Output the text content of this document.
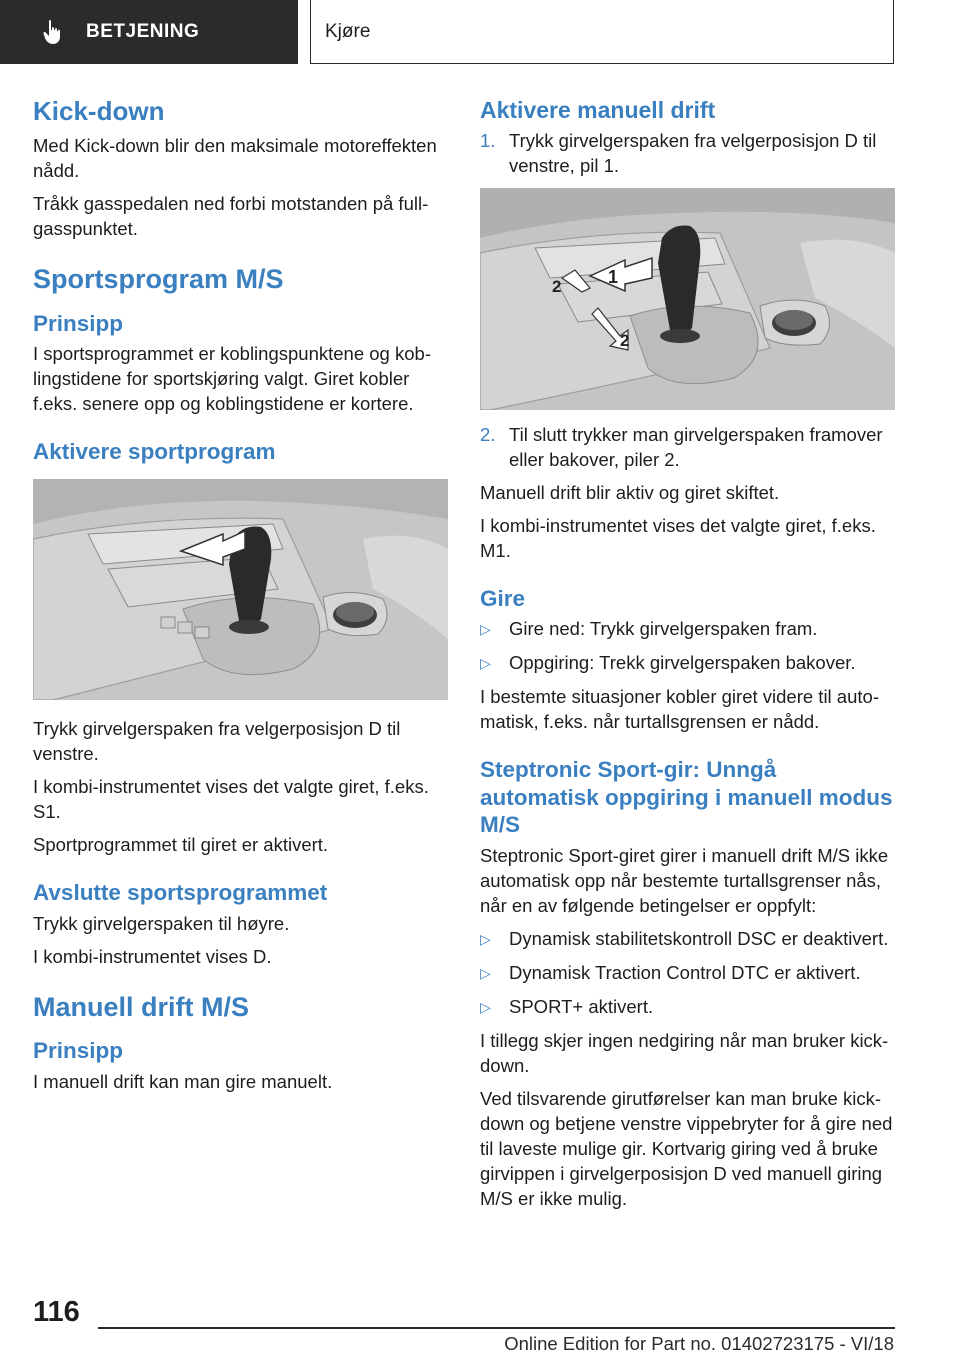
BETJENING	Kjøre
Kick-down

Med Kick-down blir den maksimale motoreffekten nådd.

Tråkk gasspedalen ned forbi motstanden på fullgasspunktet.

Sportsprogram M/S
Prinsipp

I sportsprogrammet er koblingspunktene og koblingstidene for sportskjøring valgt. Giret kobler f.eks. senere opp og koblingstidene er kortere.

Aktivere sportprogram

Trykk girvelgerspaken fra velgerposisjon D til venstre.

I kombi-instrumentet vises det valgte giret, f.eks. S1.

Sportprogrammet til giret er aktivert.

Avslutte sportsprogrammet

Trykk girvelgerspaken til høyre.

I kombi-instrumentet vises D.

Manuell drift M/S
Prinsipp

I manuell drift kan man gire manuelt.

Aktivere manuell drift
1. Trykk girvelgerspaken fra velgerposisjon D til venstre, pil 1.
1
2
2
2. Til slutt trykker man girvelgerspaken framover eller bakover, piler 2.

Manuell drift blir aktiv og giret skiftet.

I kombi-instrumentet vises det valgte giret, f.eks. M1.

Gire
▷ Gire ned: Trykk girvelgerspaken fram.
▷ Oppgiring: Trekk girvelgerspaken bakover.

I bestemte situasjoner kobler giret videre til automatisk, f.eks. når turtallsgrensen er nådd.

Steptronic Sport-gir: Unngå automatisk oppgiring i manuell modus M/S

Steptronic Sport-giret girer i manuell drift M/S ikke automatisk opp når bestemte turtallsgrenser nås, når en av følgende betingelser er oppfylt:

▷ Dynamisk stabilitetskontroll DSC er deaktivert.
▷ Dynamisk Traction Control DTC er aktivert.
▷ SPORT+ aktivert.

I tillegg skjer ingen nedgiring når man bruker kick-down.

Ved tilsvarende girutførelser kan man bruke kickdown og betjene venstre vippebryter for å gire ned til laveste mulige gir. Kortvarig giring ved å bruke girvippen i girvelgerposisjon D ved manuell giring M/S er ikke mulig.

116
Online Edition for Part no. 01402723175 - VI/18
